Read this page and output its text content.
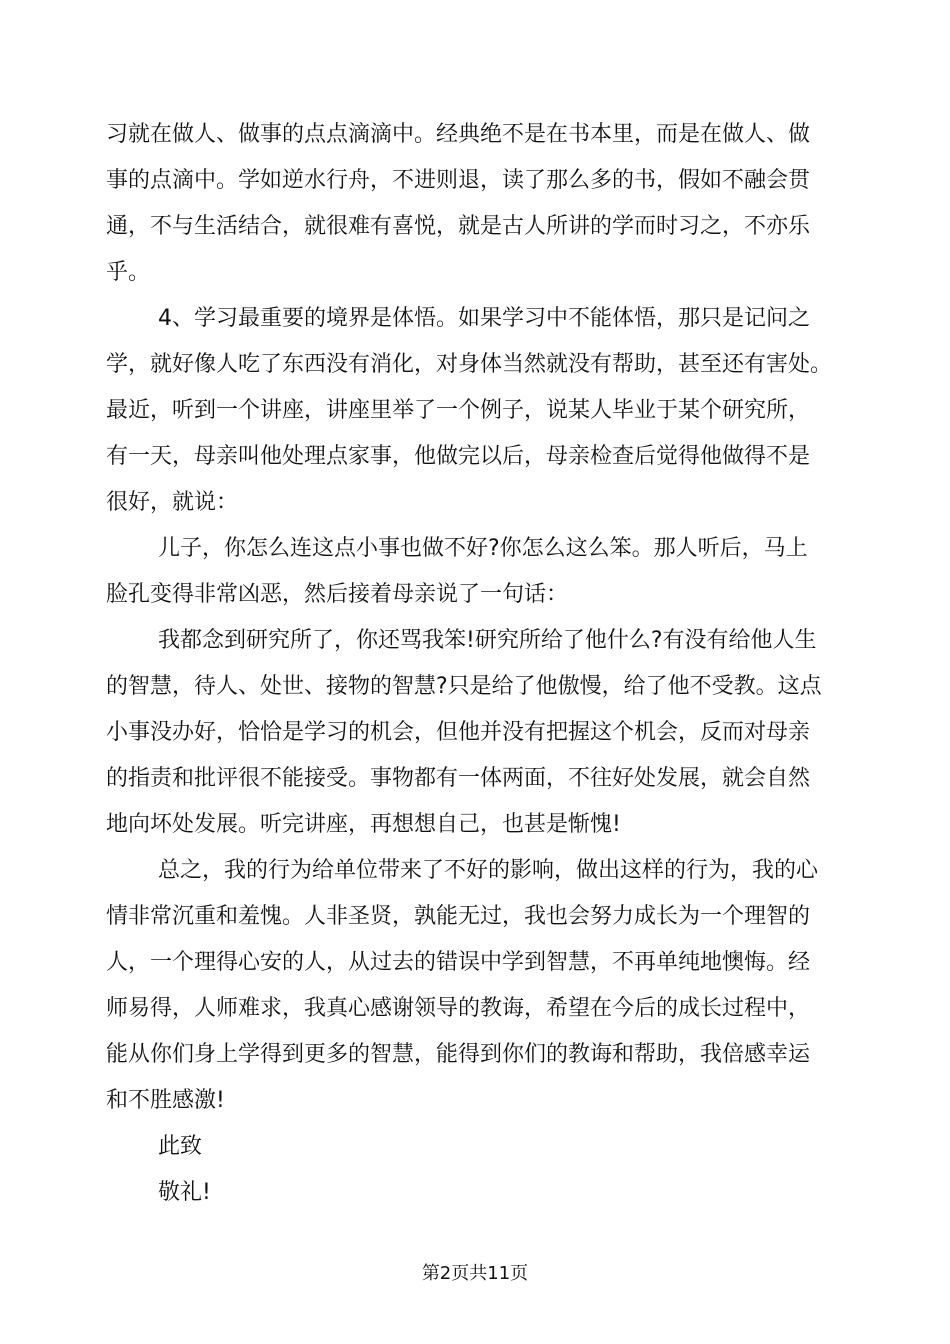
习就在做人、做事的点点滴滴中。经典绝不是在书本里，而是在做人、做
事的点滴中。学如逆水行舟，不进则退，读了那么多的书，假如不融会贯
通，不与生活结合，就很难有喜悦，就是古人所讲的学而时习之，不亦乐
乎。
4、学习最重要的境界是体悟。如果学习中不能体悟，那只是记问之
学，就好像人吃了东西没有消化，对身体当然就没有帮助，甚至还有害处。
最近，听到一个讲座，讲座里举了一个例子，说某人毕业于某个研究所，
有一天，母亲叫他处理点家事，他做完以后，母亲检查后觉得他做得不是
很好，就说：
儿子，你怎么连这点小事也做不好?你怎么这么笨。那人听后，马上
脸孔变得非常凶恶，然后接着母亲说了一句话：
我都念到研究所了，你还骂我笨!研究所给了他什么?有没有给他人生
的智慧，待人、处世、接物的智慧?只是给了他傲慢，给了他不受教。这点
小事没办好，恰恰是学习的机会，但他并没有把握这个机会，反而对母亲
的指责和批评很不能接受。事物都有一体两面，不往好处发展，就会自然
地向坏处发展。听完讲座，再想想自己，也甚是惭愧!
总之，我的行为给单位带来了不好的影响，做出这样的行为，我的心
情非常沉重和羞愧。人非圣贤，孰能无过，我也会努力成长为一个理智的
人，一个理得心安的人，从过去的错误中学到智慧，不再单纯地懊悔。经
师易得，人师难求，我真心感谢领导的教诲，希望在今后的成长过程中，
能从你们身上学得到更多的智慧，能得到你们的教诲和帮助，我倍感幸运
和不胜感激!
此致
敬礼!
第2页共11页
